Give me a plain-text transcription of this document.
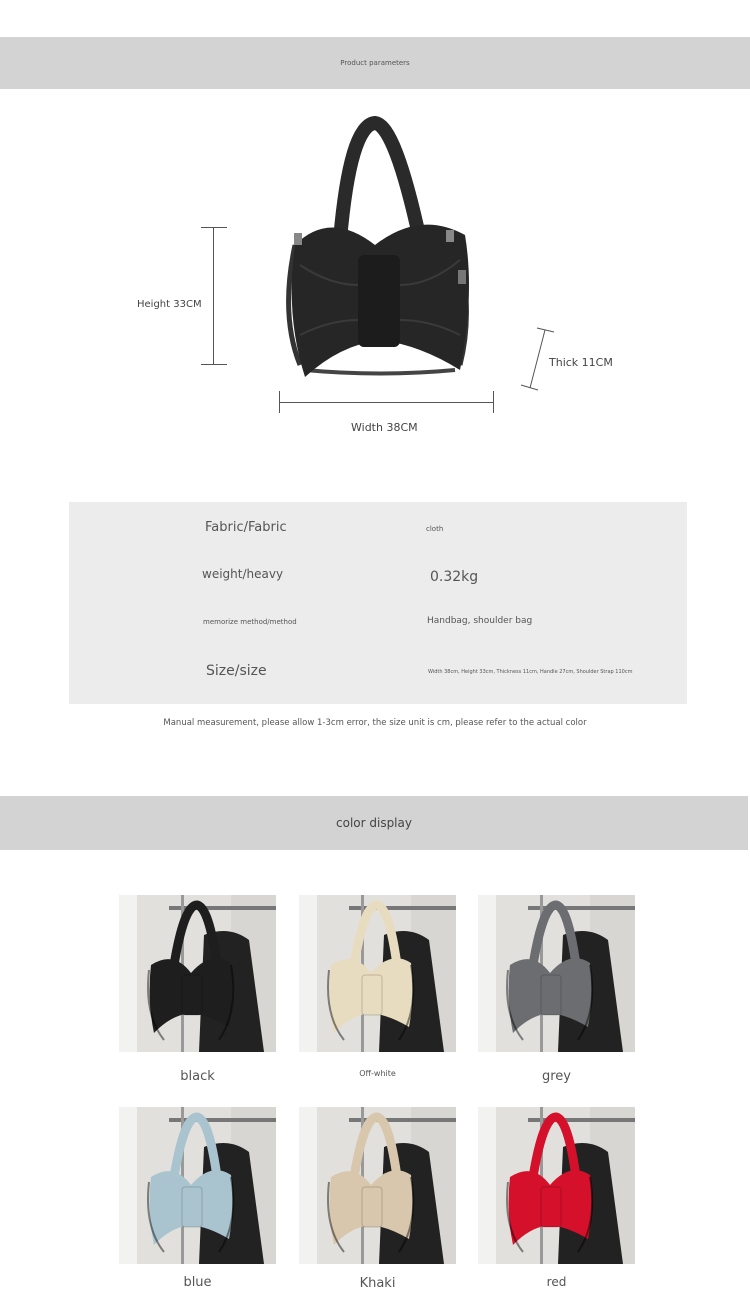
Product parameters
Height 33CM
Thick 11CM
Width 38CM
Fabric/Fabric	cloth
weight/heavy	0.32kg
memorize method/method	Handbag, shoulder bag
Size/size	Width 38cm, Height 33cm, Thickness 11cm, Handle 27cm, Shoulder Strap 110cm
Manual measurement, please allow 1-3cm error, the size unit is cm, please refer to the actual color
color display
black	Off-white	grey
blue	Khaki	red
